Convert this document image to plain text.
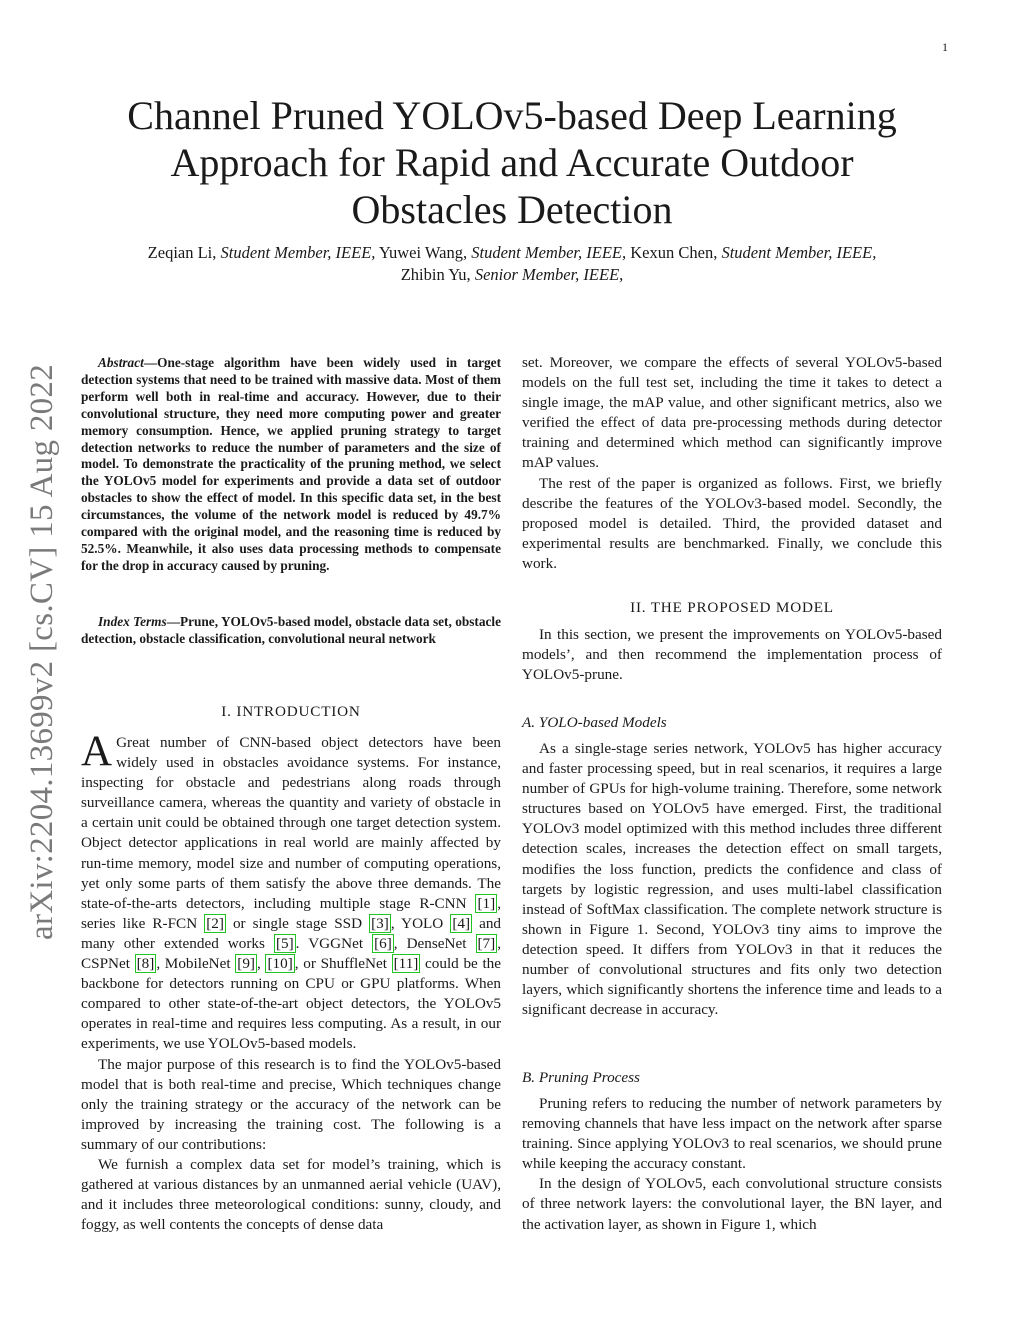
1
arXiv:2204.13699v2 [cs.CV] 15 Aug 2022
Channel Pruned YOLOv5-based Deep Learning Approach for Rapid and Accurate Outdoor Obstacles Detection
Zeqian Li, Student Member, IEEE, Yuwei Wang, Student Member, IEEE, Kexun Chen, Student Member, IEEE,
Zhibin Yu, Senior Member, IEEE,

Abstract—One-stage algorithm have been widely used in target detection systems that need to be trained with massive data. Most of them perform well both in real-time and accuracy. However, due to their convolutional structure, they need more computing power and greater memory consumption. Hence, we applied pruning strategy to target detection networks to reduce the number of parameters and the size of model. To demonstrate the practicality of the pruning method, we select the YOLOv5 model for experiments and provide a data set of outdoor obstacles to show the effect of model. In this specific data set, in the best circumstances, the volume of the network model is reduced by 49.7% compared with the original model, and the reasoning time is reduced by 52.5%. Meanwhile, it also uses data processing methods to compensate for the drop in accuracy caused by pruning.

Index Terms—Prune, YOLOv5-based model, obstacle data set, obstacle detection, obstacle classification, convolutional neural network

I. INTRODUCTION

A Great number of CNN-based object detectors have been widely used in obstacles avoidance systems. For instance, inspecting for obstacle and pedestrians along roads through surveillance camera, whereas the quantity and variety of obstacle in a certain unit could be obtained through one target detection system. Object detector applications in real world are mainly affected by run-time memory, model size and number of computing operations, yet only some parts of them satisfy the above three demands. The state-of-the-arts detectors, including multiple stage R-CNN [1] , series like R-FCN [2] or single stage SSD [3] , YOLO [4] and many other extended works [5] . VGGNet [6] , DenseNet [7] , CSPNet [8] , MobileNet [9] , [10] , or ShuffleNet [11] could be the backbone for detectors running on CPU or GPU platforms. When compared to other state-of-the-art object detectors, the YOLOv5 operates in real-time and requires less computing. As a result, in our experiments, we use YOLOv5-based models.

The major purpose of this research is to find the YOLOv5-based model that is both real-time and precise, Which techniques change only the training strategy or the accuracy of the network can be improved by increasing the training cost. The following is a summary of our contributions:

We furnish a complex data set for model’s training, which is gathered at various distances by an unmanned aerial vehicle (UAV), and it includes three meteorological conditions: sunny, cloudy, and foggy, as well contents the concepts of dense data

set. Moreover, we compare the effects of several YOLOv5-based models on the full test set, including the time it takes to detect a single image, the mAP value, and other significant metrics, also we verified the effect of data pre-processing methods during detector training and determined which method can significantly improve mAP values.

The rest of the paper is organized as follows. First, we briefly describe the features of the YOLOv3-based model. Secondly, the proposed model is detailed. Third, the provided dataset and experimental results are benchmarked. Finally, we conclude this work.

II. THE PROPOSED MODEL

In this section, we present the improvements on YOLOv5-based models’, and then recommend the implementation process of YOLOv5-prune.

A. YOLO-based Models

As a single-stage series network, YOLOv5 has higher accuracy and faster processing speed, but in real scenarios, it requires a large number of GPUs for high-volume training. Therefore, some network structures based on YOLOv5 have emerged. First, the traditional YOLOv3 model optimized with this method includes three different detection scales, increases the detection effect on small targets, modifies the loss function, predicts the confidence and class of targets by logistic regression, and uses multi-label classification instead of SoftMax classification. The complete network structure is shown in Figure 1. Second, YOLOv3 tiny aims to improve the detection speed. It differs from YOLOv3 in that it reduces the number of convolutional structures and fits only two detection layers, which significantly shortens the inference time and leads to a significant decrease in accuracy.

B. Pruning Process

Pruning refers to reducing the number of network parameters by removing channels that have less impact on the network after sparse training. Since applying YOLOv3 to real scenarios, we should prune while keeping the accuracy constant.

In the design of YOLOv5, each convolutional structure consists of three network layers: the convolutional layer, the BN layer, and the activation layer, as shown in Figure 1, which
